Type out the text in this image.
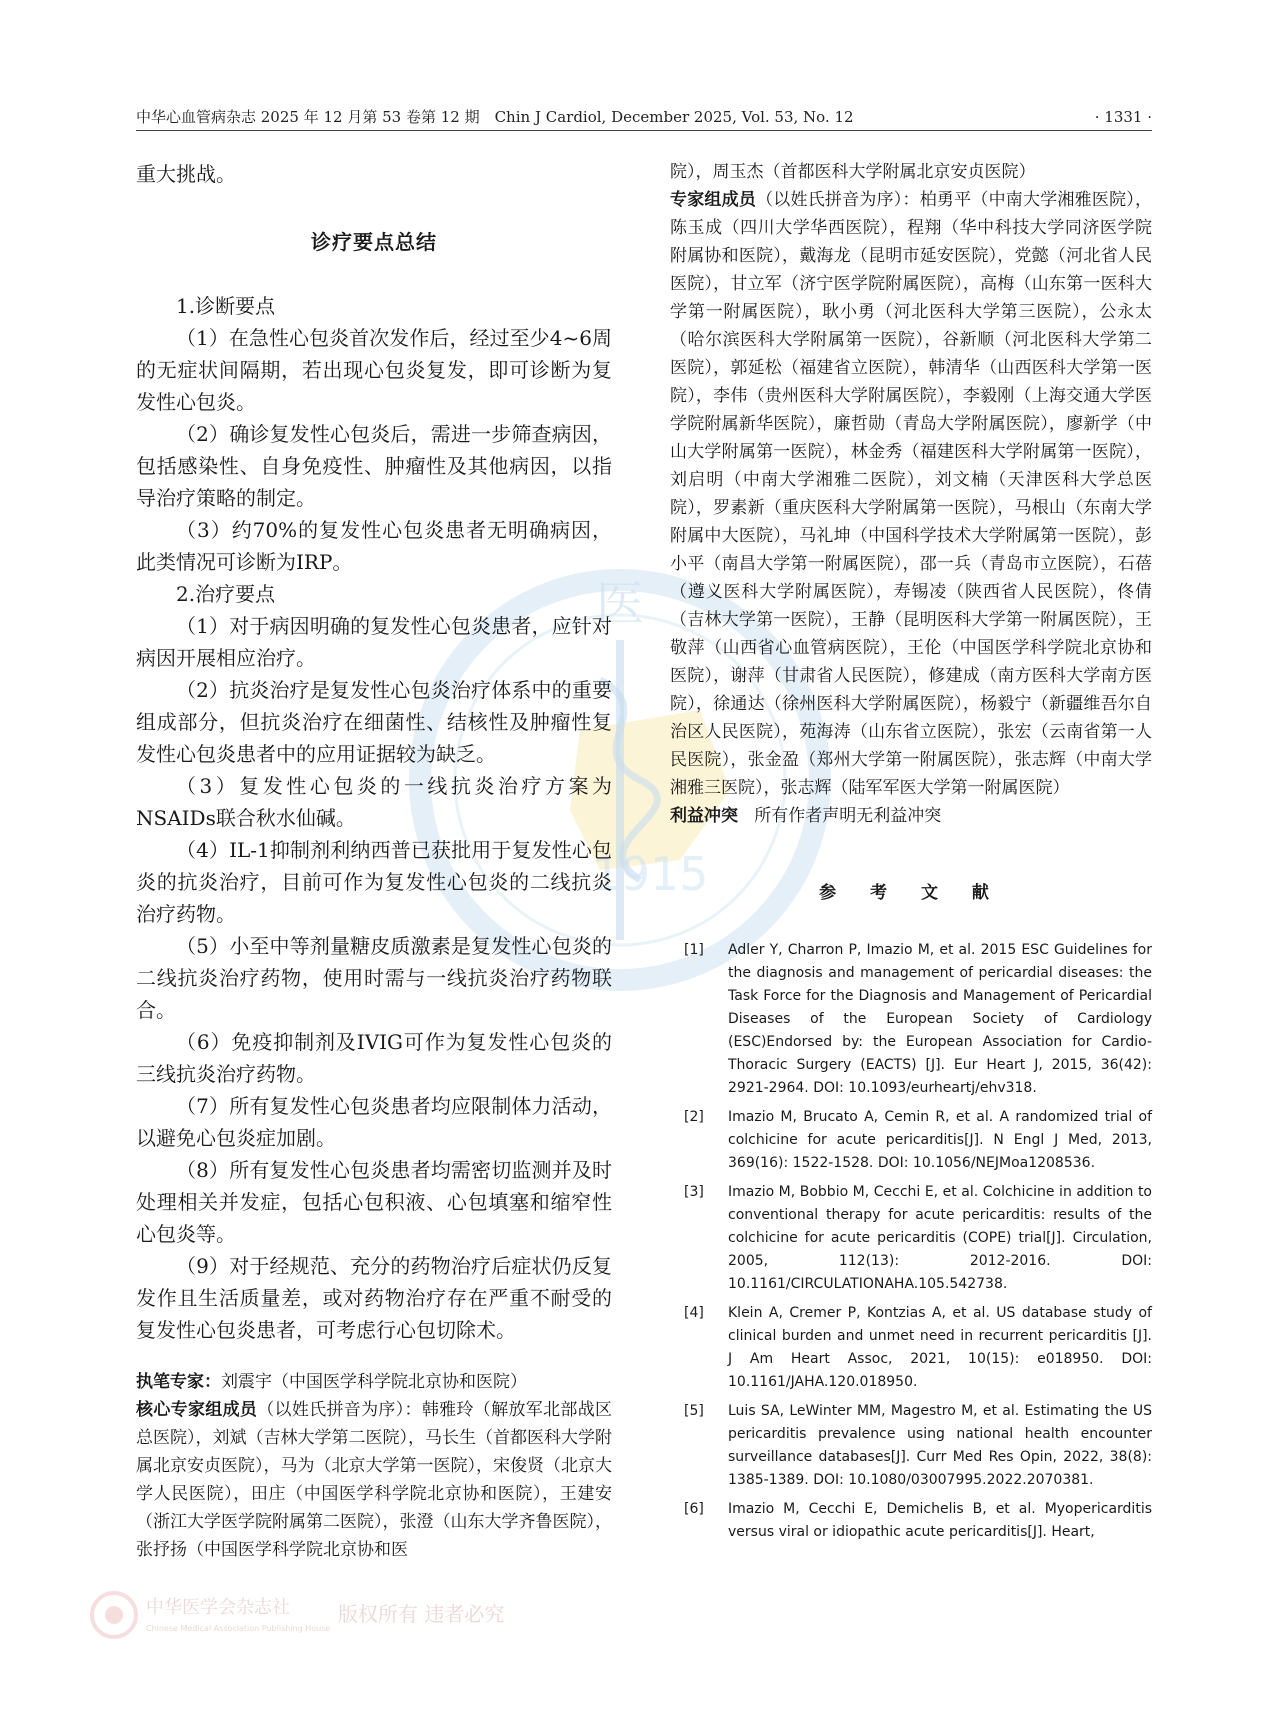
医
1915
中华心血管病杂志 2025 年 12 月第 53 卷第 12 期　Chin J Cardiol, December 2025, Vol. 53, No. 12	· 1331 ·

重大挑战。

诊疗要点总结

1.诊断要点

（1）在急性心包炎首次发作后，经过至少4~6周的无症状间隔期，若出现心包炎复发，即可诊断为复发性心包炎。

（2）确诊复发性心包炎后，需进一步筛查病因，包括感染性、自身免疫性、肿瘤性及其他病因，以指导治疗策略的制定。

（3）约70%的复发性心包炎患者无明确病因，此类情况可诊断为IRP。

2.治疗要点

（1）对于病因明确的复发性心包炎患者，应针对病因开展相应治疗。

（2）抗炎治疗是复发性心包炎治疗体系中的重要组成部分，但抗炎治疗在细菌性、结核性及肿瘤性复发性心包炎患者中的应用证据较为缺乏。

（3）复发性心包炎的一线抗炎治疗方案为NSAIDs联合秋水仙碱。

（4）IL-1抑制剂利纳西普已获批用于复发性心包炎的抗炎治疗，目前可作为复发性心包炎的二线抗炎治疗药物。

（5）小至中等剂量糖皮质激素是复发性心包炎的二线抗炎治疗药物，使用时需与一线抗炎治疗药物联合。

（6）免疫抑制剂及IVIG可作为复发性心包炎的三线抗炎治疗药物。

（7）所有复发性心包炎患者均应限制体力活动，以避免心包炎症加剧。

（8）所有复发性心包炎患者均需密切监测并及时处理相关并发症，包括心包积液、心包填塞和缩窄性心包炎等。

（9）对于经规范、充分的药物治疗后症状仍反复发作且生活质量差，或对药物治疗存在严重不耐受的复发性心包炎患者，可考虑行心包切除术。

执笔专家：刘震宇（中国医学科学院北京协和医院）

核心专家组成员（以姓氏拼音为序）：韩雅玲（解放军北部战区总医院），刘斌（吉林大学第二医院），马长生（首都医科大学附属北京安贞医院），马为（北京大学第一医院），宋俊贤（北京大学人民医院），田庄（中国医学科学院北京协和医院），王建安（浙江大学医学院附属第二医院），张澄（山东大学齐鲁医院），张抒扬（中国医学科学院北京协和医

院），周玉杰（首都医科大学附属北京安贞医院）

专家组成员（以姓氏拼音为序）：柏勇平（中南大学湘雅医院），陈玉成（四川大学华西医院），程翔（华中科技大学同济医学院附属协和医院），戴海龙（昆明市延安医院），党懿（河北省人民医院），甘立军（济宁医学院附属医院），高梅（山东第一医科大学第一附属医院），耿小勇（河北医科大学第三医院），公永太（哈尔滨医科大学附属第一医院），谷新顺（河北医科大学第二医院），郭延松（福建省立医院），韩清华（山西医科大学第一医院），李伟（贵州医科大学附属医院），李毅刚（上海交通大学医学院附属新华医院），廉哲勋（青岛大学附属医院），廖新学（中山大学附属第一医院），林金秀（福建医科大学附属第一医院），刘启明（中南大学湘雅二医院），刘文楠（天津医科大学总医院），罗素新（重庆医科大学附属第一医院），马根山（东南大学附属中大医院），马礼坤（中国科学技术大学附属第一医院），彭小平（南昌大学第一附属医院），邵一兵（青岛市立医院），石蓓（遵义医科大学附属医院），寿锡凌（陕西省人民医院），佟倩（吉林大学第一医院），王静（昆明医科大学第一附属医院），王敬萍（山西省心血管病医院），王伦（中国医学科学院北京协和医院），谢萍（甘肃省人民医院），修建成（南方医科大学南方医院），徐通达（徐州医科大学附属医院），杨毅宁（新疆维吾尔自治区人民医院），苑海涛（山东省立医院），张宏（云南省第一人民医院），张金盈（郑州大学第一附属医院），张志辉（中南大学湘雅三医院），张志辉（陆军军医大学第一附属医院）

利益冲突 所有作者声明无利益冲突

参 考 文 献

[1] Adler Y, Charron P, Imazio M, et al. 2015 ESC Guidelines for the diagnosis and management of pericardial diseases: the Task Force for the Diagnosis and Management of Pericardial Diseases of the European Society of Cardiology (ESC)Endorsed by: the European Association for Cardio-Thoracic Surgery (EACTS) [J]. Eur Heart J, 2015, 36(42): 2921-2964. DOI: 10.1093/eurheartj/ehv318.

[2] Imazio M, Brucato A, Cemin R, et al. A randomized trial of colchicine for acute pericarditis[J]. N Engl J Med, 2013, 369(16): 1522-1528. DOI: 10.1056/NEJMoa1208536.

[3] Imazio M, Bobbio M, Cecchi E, et al. Colchicine in addition to conventional therapy for acute pericarditis: results of the colchicine for acute pericarditis (COPE) trial[J]. Circulation, 2005, 112(13): 2012-2016. DOI: 10.1161/CIRCULATIONAHA.105.542738.

[4] Klein A, Cremer P, Kontzias A, et al. US database study of clinical burden and unmet need in recurrent pericarditis [J]. J Am Heart Assoc, 2021, 10(15): e018950. DOI: 10.1161/JAHA.120.018950.

[5] Luis SA, LeWinter MM, Magestro M, et al. Estimating the US pericarditis prevalence using national health encounter surveillance databases[J]. Curr Med Res Opin, 2022, 38(8): 1385-1389. DOI: 10.1080/03007995.2022.2070381.

[6] Imazio M, Cecchi E, Demichelis B, et al. Myopericarditis versus viral or idiopathic acute pericarditis[J]. Heart,

中华医学会杂志社
Chinese Medical Association Publishing House
版权所有 违者必究
